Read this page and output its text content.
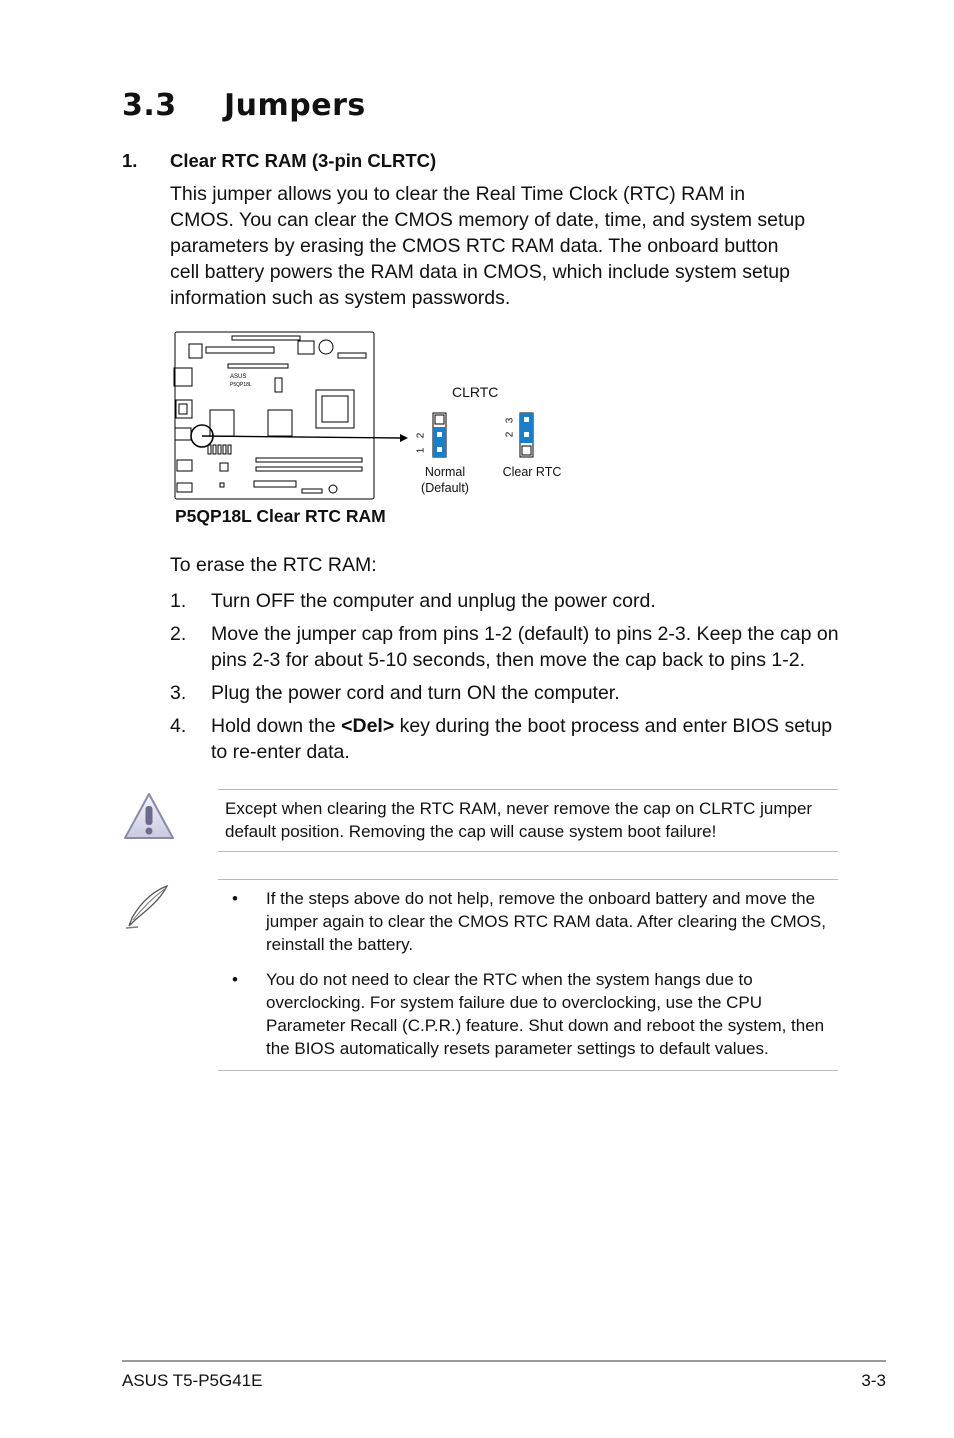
3.3 Jumpers
1. Clear RTC RAM (3-pin CLRTC)

This jumper allows you to clear the Real Time Clock (RTC) RAM in

CMOS. You can clear the CMOS memory of date, time, and system setup

parameters by erasing the CMOS RTC RAM data. The onboard button

cell battery powers the RAM data in CMOS, which include system setup

information such as system passwords.

ASUS
P5QP18L
2
1
3
2
CLRTC
Normal
(Default)
Clear RTC
P5QP18L Clear RTC RAM
To erase the RTC RAM:
1.	Turn OFF the computer and unplug the power cord.
2.	Move the jumper cap from pins 1-2 (default) to pins 2-3. Keep the cap on pins 2-3 for about 5-10 seconds, then move the cap back to pins 1-2.
3.	Plug the power cord and turn ON the computer.
4.	Hold down the <Del> key during the boot process and enter BIOS setup to re-enter data.
Except when clearing the RTC RAM, never remove the cap on CLRTC jumper default position. Removing the cap will cause system boot failure!
•	If the steps above do not help, remove the onboard battery and move the jumper again to clear the CMOS RTC RAM data. After clearing the CMOS, reinstall the battery.
•	You do not need to clear the RTC when the system hangs due to overclocking. For system failure due to overclocking, use the CPU Parameter Recall (C.P.R.) feature. Shut down and reboot the system, then the BIOS automatically resets parameter settings to default values.
ASUS T5-P5G41E	3-3
